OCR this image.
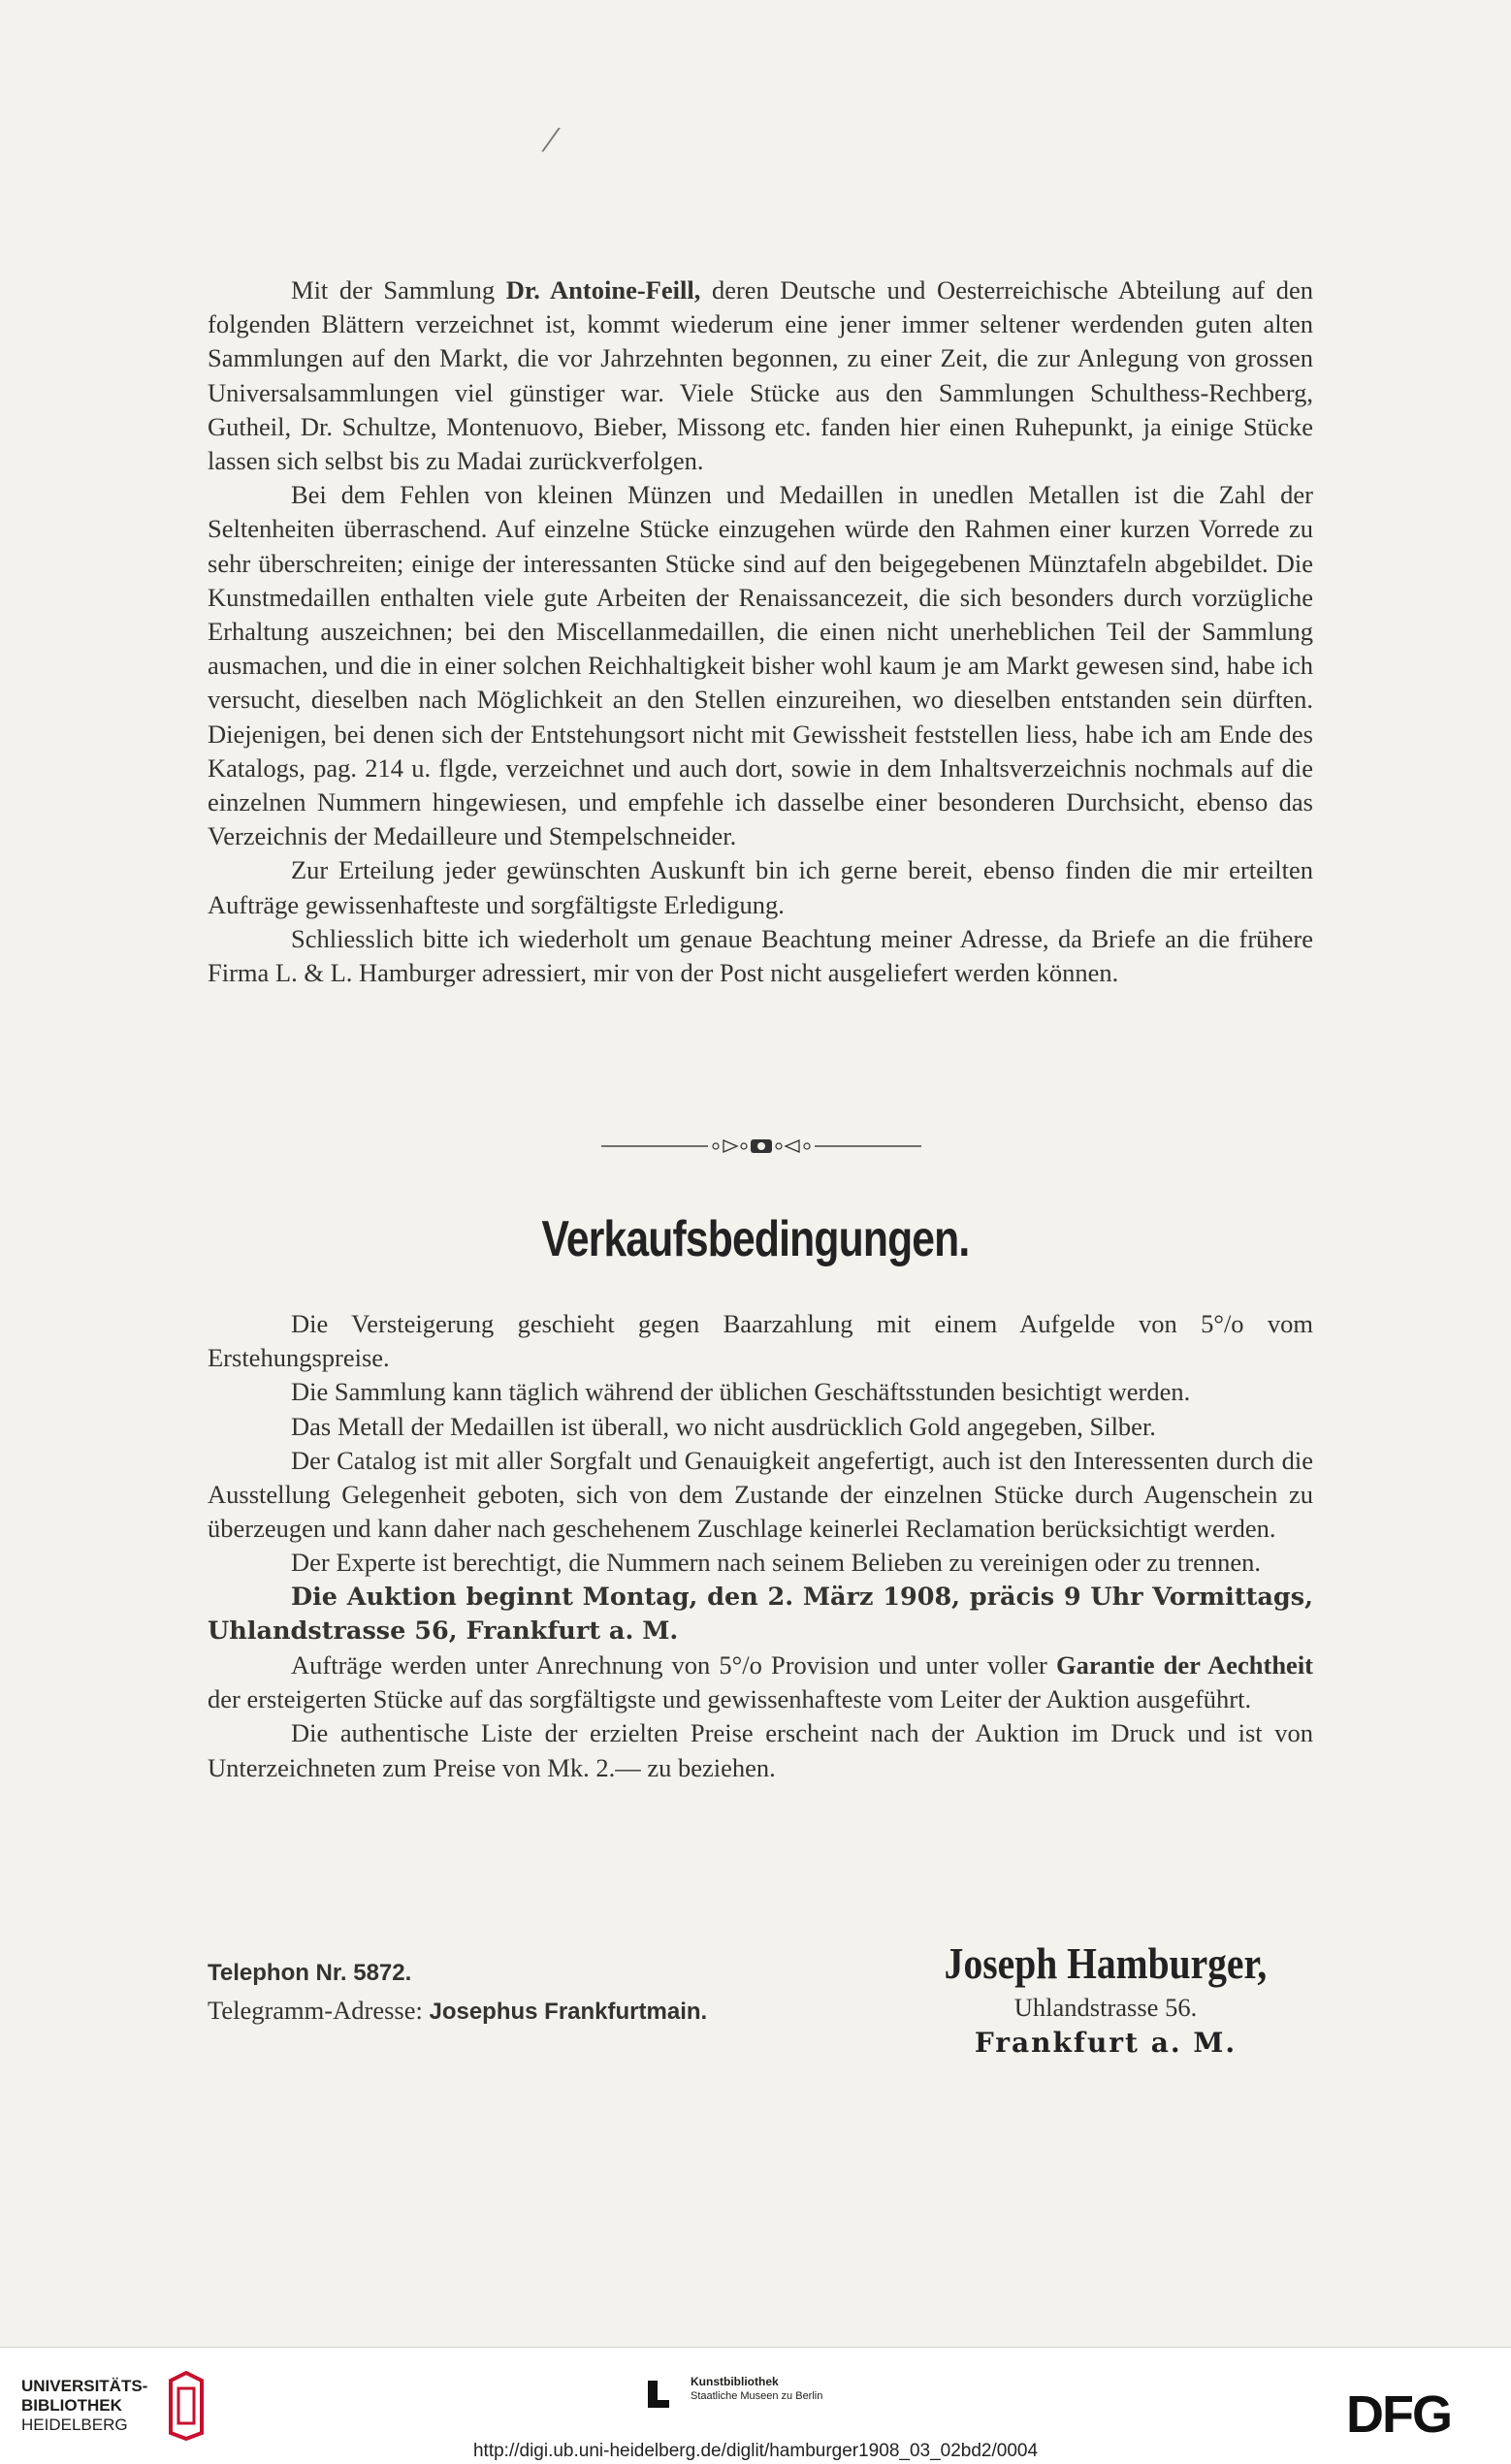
/

Mit der Sammlung Dr. Antoine-Feill, deren Deutsche und Oesterreichische Abteilung auf den folgenden Blättern verzeichnet ist, kommt wiederum eine jener immer seltener werdenden guten alten Sammlungen auf den Markt, die vor Jahrzehnten begonnen, zu einer Zeit, die zur Anlegung von grossen Universalsammlungen viel günstiger war. Viele Stücke aus den Sammlungen Schulthess-Rechberg, Gutheil, Dr. Schultze, Montenuovo, Bieber, Missong etc. fanden hier einen Ruhepunkt, ja einige Stücke lassen sich selbst bis zu Madai zurückverfolgen.

Bei dem Fehlen von kleinen Münzen und Medaillen in unedlen Metallen ist die Zahl der Seltenheiten überraschend. Auf einzelne Stücke einzugehen würde den Rahmen einer kurzen Vorrede zu sehr überschreiten; einige der interessanten Stücke sind auf den beigegebenen Münztafeln abgebildet. Die Kunstmedaillen enthalten viele gute Arbeiten der Renaissancezeit, die sich besonders durch vorzügliche Erhaltung auszeichnen; bei den Miscellanmedaillen, die einen nicht unerheblichen Teil der Sammlung ausmachen, und die in einer solchen Reichhaltigkeit bisher wohl kaum je am Markt gewesen sind, habe ich versucht, dieselben nach Möglichkeit an den Stellen einzureihen, wo dieselben entstanden sein dürften. Diejenigen, bei denen sich der Entstehungsort nicht mit Gewissheit feststellen liess, habe ich am Ende des Katalogs, pag. 214 u. flgde, verzeichnet und auch dort, sowie in dem Inhaltsverzeichnis nochmals auf die einzelnen Nummern hingewiesen, und empfehle ich dasselbe einer besonderen Durchsicht, ebenso das Verzeichnis der Medailleure und Stempelschneider.

Zur Erteilung jeder gewünschten Auskunft bin ich gerne bereit, ebenso finden die mir erteilten Aufträge gewissenhafteste und sorgfältigste Erledigung.

Schliesslich bitte ich wiederholt um genaue Beachtung meiner Adresse, da Briefe an die frühere Firma L. & L. Hamburger adressiert, mir von der Post nicht ausgeliefert werden können.

Verkaufsbedingungen.

Die Versteigerung geschieht gegen Baarzahlung mit einem Aufgelde von 5°/o vom Erstehungspreise.

Die Sammlung kann täglich während der üblichen Geschäftsstunden besichtigt werden.

Das Metall der Medaillen ist überall, wo nicht ausdrücklich Gold angegeben, Silber.

Der Catalog ist mit aller Sorgfalt und Genauigkeit angefertigt, auch ist den Interessenten durch die Ausstellung Gelegenheit geboten, sich von dem Zustande der einzelnen Stücke durch Augenschein zu überzeugen und kann daher nach geschehenem Zuschlage keinerlei Reclamation berücksichtigt werden.

Der Experte ist berechtigt, die Nummern nach seinem Belieben zu vereinigen oder zu trennen.

Die Auktion beginnt Montag, den 2. März 1908, präcis 9 Uhr Vormittags, Uhlandstrasse 56, Frankfurt a. M.

Aufträge werden unter Anrechnung von 5°/o Provision und unter voller Garantie der Aechtheit der ersteigerten Stücke auf das sorgfältigste und gewissenhafteste vom Leiter der Auktion ausgeführt.

Die authentische Liste der erzielten Preise erscheint nach der Auktion im Druck und ist von Unterzeichneten zum Preise von Mk. 2.— zu beziehen.

Telephon Nr. 5872.
Telegramm-Adresse: Josephus Frankfurtmain.
Joseph Hamburger,
Uhlandstrasse 56.
Frankfurt a. M.
UNIVERSITÄTS-
BIBLIOTHEK
HEIDELBERG
Kunstbibliothek
Staatliche Museen zu Berlin	DFG
http://digi.ub.uni-heidelberg.de/diglit/hamburger1908_03_02bd2/0004
